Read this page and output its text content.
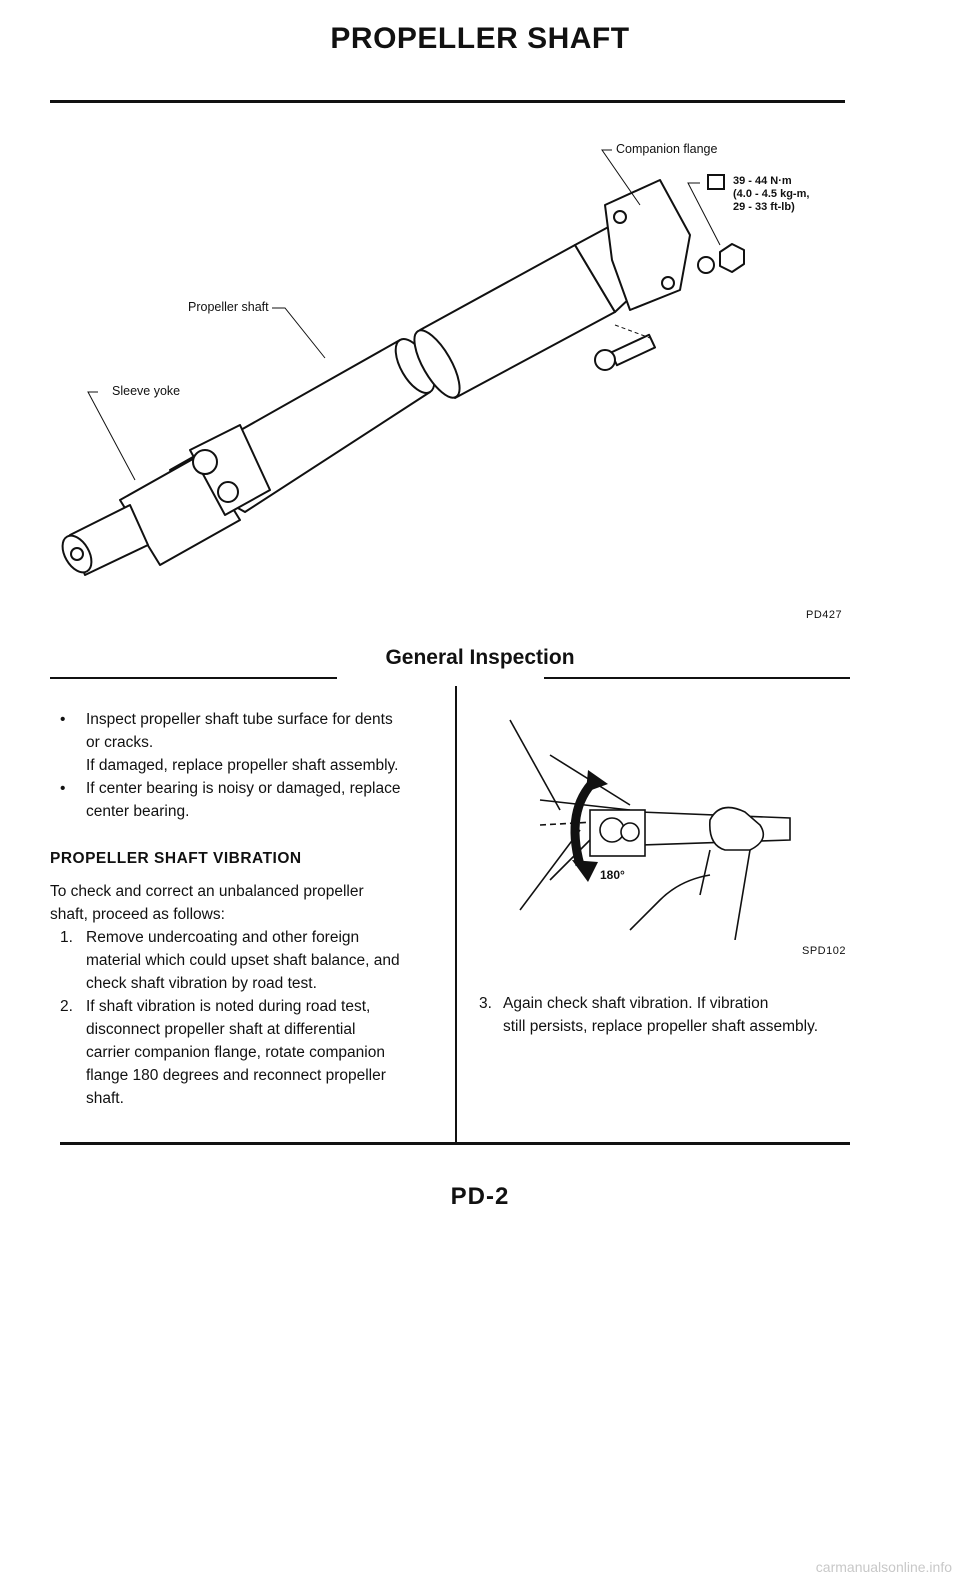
PROPELLER SHAFT
Companion flange
39 - 44 N·m
(4.0 - 4.5 kg-m,
29 - 33 ft-lb)
Propeller shaft
Sleeve yoke
PD427
General Inspection
• Inspect propeller shaft tube surface for dents

or cracks.

If damaged, replace propeller shaft assembly.

• If center bearing is noisy or damaged, replace

center bearing.

PROPELLER SHAFT VIBRATION

To check and correct an unbalanced propeller

shaft, proceed as follows:

1. Remove undercoating and other foreign

material which could upset shaft balance, and

check shaft vibration by road test.

2. If shaft vibration is noted during road test,

disconnect propeller shaft at differential

carrier companion flange, rotate companion

flange 180 degrees and reconnect propeller

shaft.

180°
SPD102
3. Again check shaft vibration. If vibration

still persists, replace propeller shaft assembly.

PD-2
carmanualsonline.info
